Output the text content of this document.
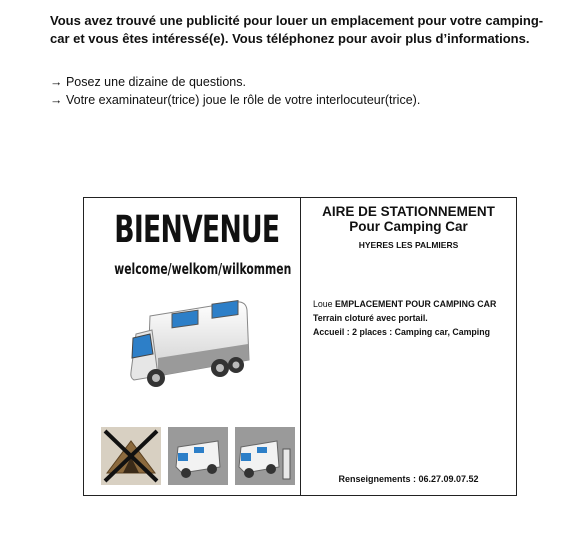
Vous avez trouvé une publicité pour louer un emplacement pour votre camping-
car et vous êtes intéressé(e). Vous téléphonez pour avoir plus d’informations.
→ Posez une dizaine de questions.
→ Votre examinateur(trice) joue le rôle de votre interlocuteur(trice).
BIENVENUE
welcome/welkom/wilkommen
AIRE DE STATIONNEMENT
Pour Camping Car
HYERES LES PALMIERS
Loue EMPLACEMENT POUR CAMPING CAR
Terrain cloturé avec portail.
Accueil : 2 places : Camping car, Camping
Renseignements : 06.27.09.07.52
